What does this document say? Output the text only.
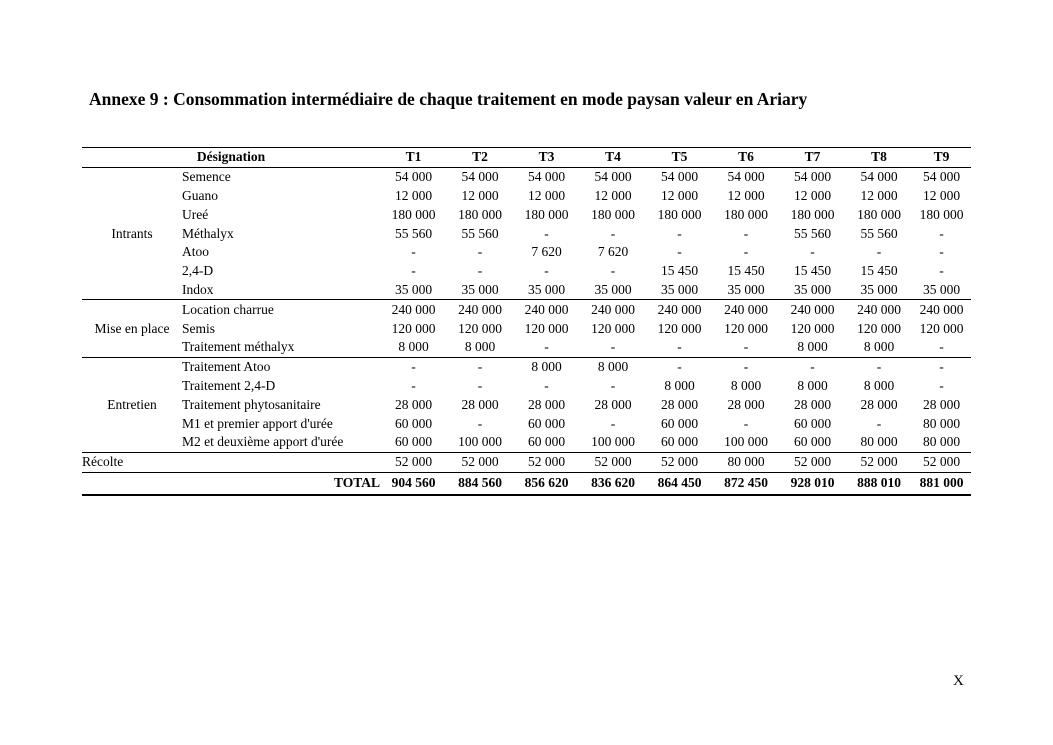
Annexe 9 : Consommation intermédiaire de chaque traitement en mode paysan valeur en Ariary
Désignation		T1	T2	T3	T4	T5	T6	T7	T8	T9
Intrants	Semence	54 000	54 000	54 000	54 000	54 000	54 000	54 000	54 000	54 000
	Guano	12 000	12 000	12 000	12 000	12 000	12 000	12 000	12 000	12 000
	Ureé	180 000	180 000	180 000	180 000	180 000	180 000	180 000	180 000	180 000
	Méthalyx	55 560	55 560	-	-	-	-	55 560	55 560	-
	Atoo	-	-	7 620	7 620	-	-	-	-	-
	2,4-D	-	-	-	-	15 450	15 450	15 450	15 450	-
	Indox	35 000	35 000	35 000	35 000	35 000	35 000	35 000	35 000	35 000
Mise en place	Location charrue	240 000	240 000	240 000	240 000	240 000	240 000	240 000	240 000	240 000
	Semis	120 000	120 000	120 000	120 000	120 000	120 000	120 000	120 000	120 000
	Traitement méthalyx	8 000	8 000	-	-	-	-	8 000	8 000	-
Entretien	Traitement Atoo	-	-	8 000	8 000	-	-	-	-	-
	Traitement 2,4-D	-	-	-	-	8 000	8 000	8 000	8 000	-
	Traitement phytosanitaire	28 000	28 000	28 000	28 000	28 000	28 000	28 000	28 000	28 000
	M1 et premier apport d'urée	60 000	-	60 000	-	60 000	-	60 000	-	80 000
	M2 et deuxième apport d'urée	60 000	100 000	60 000	100 000	60 000	100 000	60 000	80 000	80 000
Récolte		52 000	52 000	52 000	52 000	52 000	80 000	52 000	52 000	52 000
TOTAL		904 560	884 560	856 620	836 620	864 450	872 450	928 010	888 010	881 000
X
